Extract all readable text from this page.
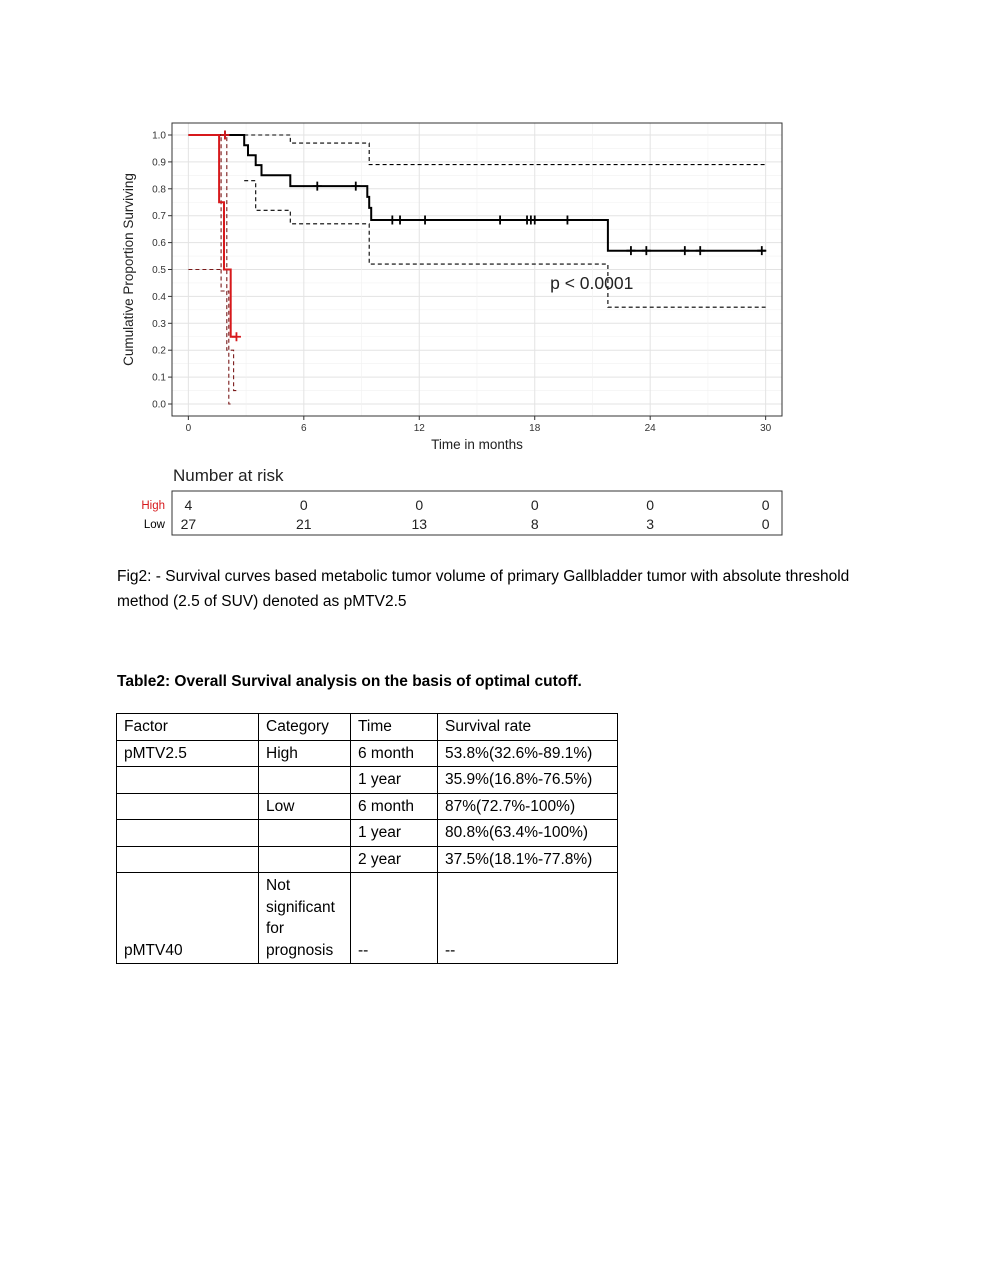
0.0
0.1
0.2
0.3
0.4
0.5
0.6
0.7
0.8
0.9
1.0
0	6	12	18	24	30
Time in months
Cumulative Proportion Surviving	p < 0.0001
Number at risk
High 4	0	0	0	0	0
Low 27	21	13	8	3	0
Fig2: - Survival curves based metabolic tumor volume of primary Gallbladder tumor with absolute threshold method (2.5 of SUV) denoted as pMTV2.5
Table2: Overall Survival analysis on the basis of optimal cutoff.
Factor	Category	Time	Survival rate
pMTV2.5	High	6 month	53.8%(32.6%-89.1%)
		1 year	35.9%(16.8%-76.5%)
	Low	6 month	87%(72.7%-100%)
		1 year	80.8%(63.4%-100%)
		2 year	37.5%(18.1%-77.8%)
pMTV40	Not
significant
for
prognosis	--	--
